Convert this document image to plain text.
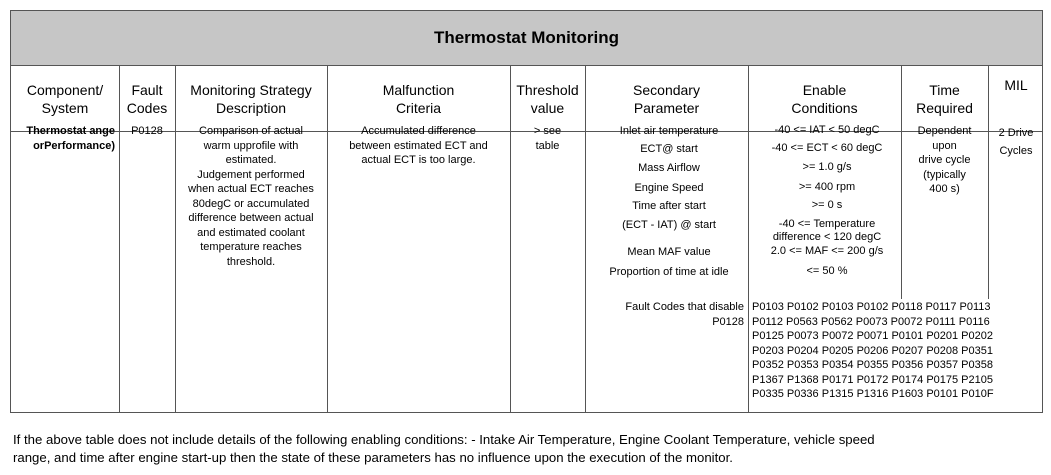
Thermostat Monitoring
Component/
System
Fault
Codes
Monitoring Strategy
Description
Malfunction
Criteria
Threshold
value
Secondary
Parameter
Enable
Conditions
Time
Required
MIL
Thermostat ange
orPerformance)
P0128	Comparison of actual
warm upprofile with
estimated.
Judgement performed
when actual ECT reaches
80degC or accumulated
difference between actual
and estimated coolant
temperature reaches
threshold.
Accumulated difference
between estimated ECT and
actual ECT is too large.
> see
table
Inlet air temperature
ECT@ start
Mass Airflow
Engine Speed
Time after start
(ECT - IAT) @ start
Mean MAF value
Proportion of time at idle
-40 <= IAT < 50 degC
-40 <= ECT < 60 degC
>= 1.0 g/s
>= 400 rpm
>= 0 s
-40 <= Temperature
difference < 120 degC
2.0 <= MAF <= 200 g/s
<= 50 %
Dependent
upon
drive cycle
(typically
400 s)
2 Drive
Cycles
Fault Codes that disable
P0128
P0103 P0102 P0103 P0102 P0118 P0117 P0113
P0112 P0563 P0562 P0073 P0072 P0111 P0116
P0125 P0073 P0072 P0071 P0101 P0201 P0202
P0203 P0204 P0205 P0206 P0207 P0208 P0351
P0352 P0353 P0354 P0355 P0356 P0357 P0358
P1367 P1368 P0171 P0172 P0174 P0175 P2105
P0335 P0336 P1315 P1316 P1603 P0101 P010F
If the above table does not include details of the following enabling conditions: - Intake Air Temperature, Engine Coolant Temperature, vehicle speed
range, and time after engine start-up then the state of these parameters has no influence upon the execution of the monitor.
